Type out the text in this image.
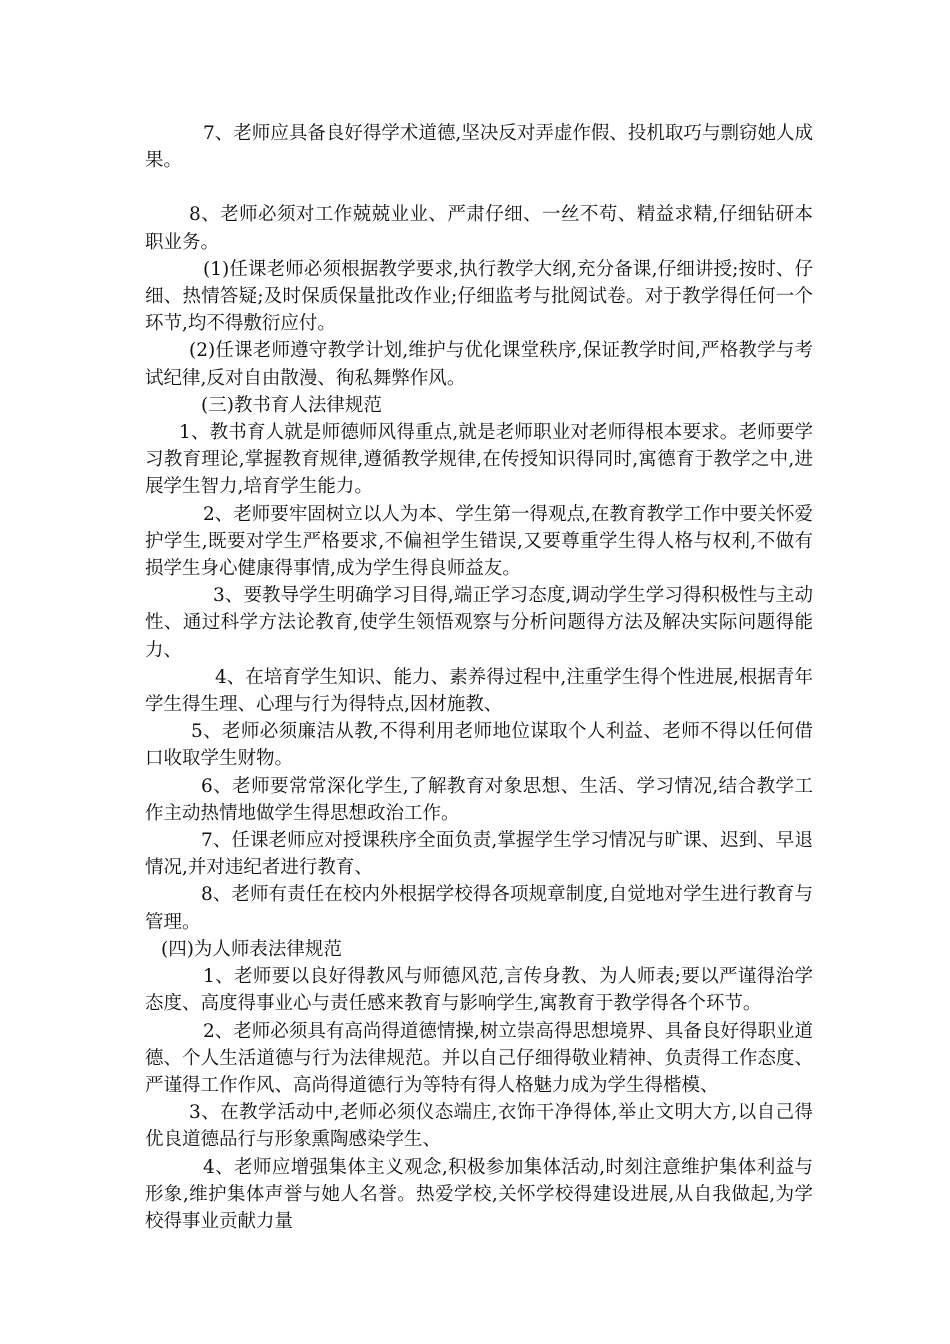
7、老师应具备良好得学术道德,坚决反对弄虚作假、投机取巧与剽窃她人成果。

8、老师必须对工作兢兢业业、严肃仔细、一丝不苟、精益求精,仔细钻研本职业务。

(1)任课老师必须根据教学要求,执行教学大纲,充分备课,仔细讲授;按时、仔细、热情答疑;及时保质保量批改作业;仔细监考与批阅试卷。对于教学得任何一个环节,均不得敷衍应付。

(2)任课老师遵守教学计划,维护与优化课堂秩序,保证教学时间,严格教学与考试纪律,反对自由散漫、徇私舞弊作风。

(三)教书育人法律规范

1、教书育人就是师德师风得重点,就是老师职业对老师得根本要求。老师要学习教育理论,掌握教育规律,遵循教学规律,在传授知识得同时,寓德育于教学之中,进展学生智力,培育学生能力。

2、老师要牢固树立以人为本、学生第一得观点,在教育教学工作中要关怀爱护学生,既要对学生严格要求,不偏袒学生错误,又要尊重学生得人格与权利,不做有损学生身心健康得事情,成为学生得良师益友。

3、要教导学生明确学习目得,端正学习态度,调动学生学习得积极性与主动性、通过科学方法论教育,使学生领悟观察与分析问题得方法及解决实际问题得能力、

4、在培育学生知识、能力、素养得过程中,注重学生得个性进展,根据青年学生得生理、心理与行为得特点,因材施教、

5、老师必须廉洁从教,不得利用老师地位谋取个人利益、老师不得以任何借口收取学生财物。

6、老师要常常深化学生,了解教育对象思想、生活、学习情况,结合教学工作主动热情地做学生得思想政治工作。

7、任课老师应对授课秩序全面负责,掌握学生学习情况与旷课、迟到、早退情况,并对违纪者进行教育、

8、老师有责任在校内外根据学校得各项规章制度,自觉地对学生进行教育与管理。

(四)为人师表法律规范

1、老师要以良好得教风与师德风范,言传身教、为人师表;要以严谨得治学态度、高度得事业心与责任感来教育与影响学生,寓教育于教学得各个环节。

2、老师必须具有高尚得道德情操,树立崇高得思想境界、具备良好得职业道德、个人生活道德与行为法律规范。并以自己仔细得敬业精神、负责得工作态度、严谨得工作作风、高尚得道德行为等特有得人格魅力成为学生得楷模、

3、在教学活动中,老师必须仪态端庄,衣饰干净得体,举止文明大方,以自己得优良道德品行与形象熏陶感染学生、

4、老师应增强集体主义观念,积极参加集体活动,时刻注意维护集体利益与形象,维护集体声誉与她人名誉。热爱学校,关怀学校得建设进展,从自我做起,为学校得事业贡献力量
